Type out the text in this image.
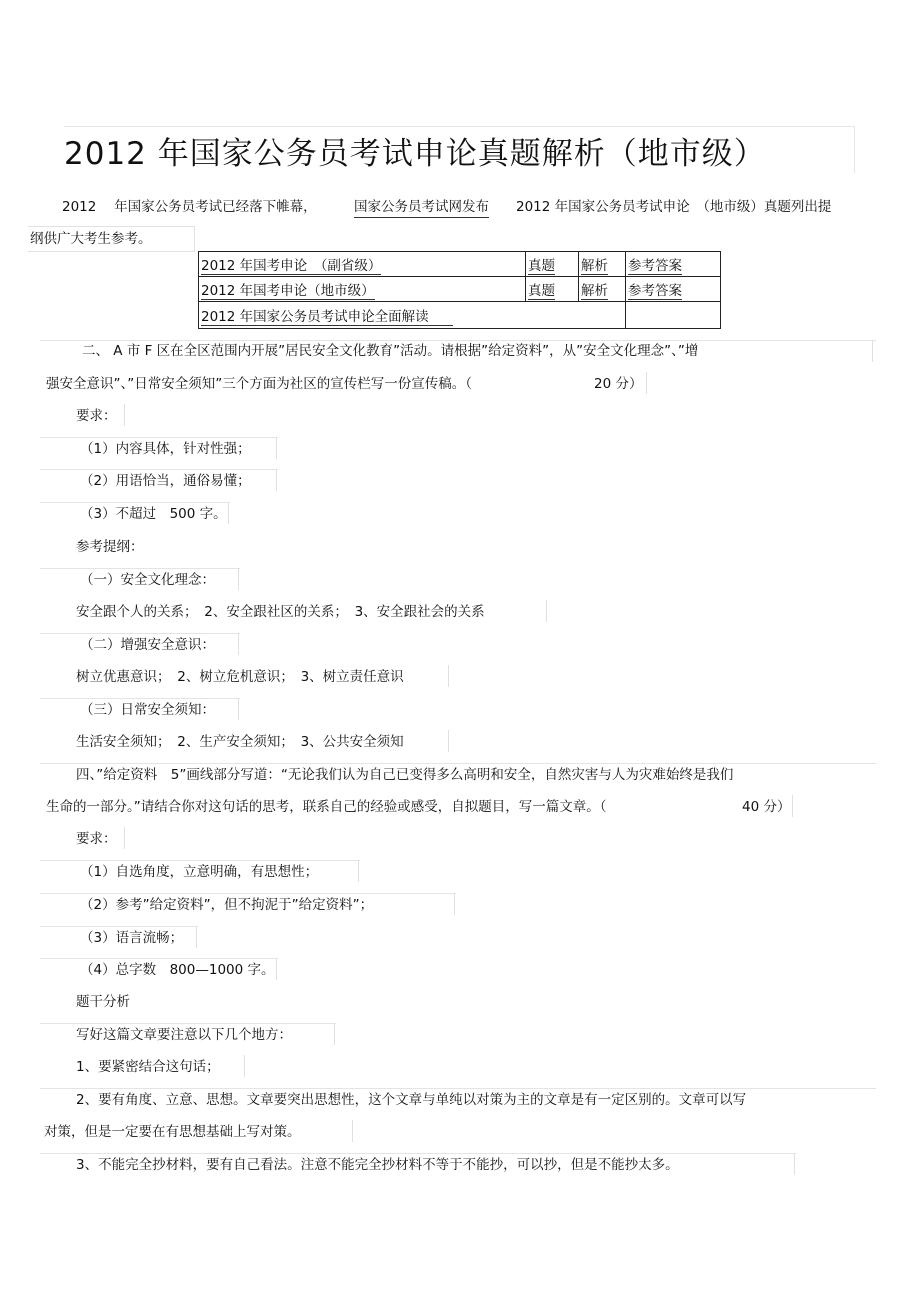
2012 年国家公务员考试申论真题解析（地市级）
2012　 年国家公务员考试已经落下帷幕，	国家公务员考试网发布 2012 年国家公务员考试申论　（地市级）真题列出提
纲供广大考生参考。
2012 年国考申论　（副省级）	真题	解析	参考答案
2012 年国考申论（地市级）	真题	解析	参考答案
2012 年国家公务员考试申论全面解读			
二、 A 市 F 区在全区范围内开展”居民安全文化教育”活动。请根据”给定资料”，从”安全文化理念”、”增
强安全意识”、”日常安全须知”三个方面为社区的宣传栏写一份宣传稿。（	20 分）
要求：
（1）内容具体，针对性强；
（2）用语恰当，通俗易懂；
（3）不超过　500 字。
参考提纲：
（一）安全文化理念：
安全跟个人的关系；　2、安全跟社区的关系；　3、安全跟社会的关系
（二）增强安全意识：
树立优惠意识；　2、树立危机意识；　3、树立责任意识
（三）日常安全须知：
生活安全须知；　2、生产安全须知；　3、公共安全须知
四、”给定资料　5”画线部分写道：“无论我们认为自己已变得多么高明和安全，自然灾害与人为灾难始终是我们
生命的一部分。”请结合你对这句话的思考，联系自己的经验或感受，自拟题目，写一篇文章。（	40 分）
要求：
（1）自选角度，立意明确，有思想性；
（2）参考”给定资料”，但不拘泥于”给定资料”；
（3）语言流畅；
（4）总字数　800—1000 字。
题干分析
写好这篇文章要注意以下几个地方：
1、要紧密结合这句话；
2、要有角度、立意、思想。文章要突出思想性，这个文章与单纯以对策为主的文章是有一定区别的。文章可以写
对策，但是一定要在有思想基础上写对策。
3、不能完全抄材料，要有自己看法。注意不能完全抄材料不等于不能抄，可以抄，但是不能抄太多。
